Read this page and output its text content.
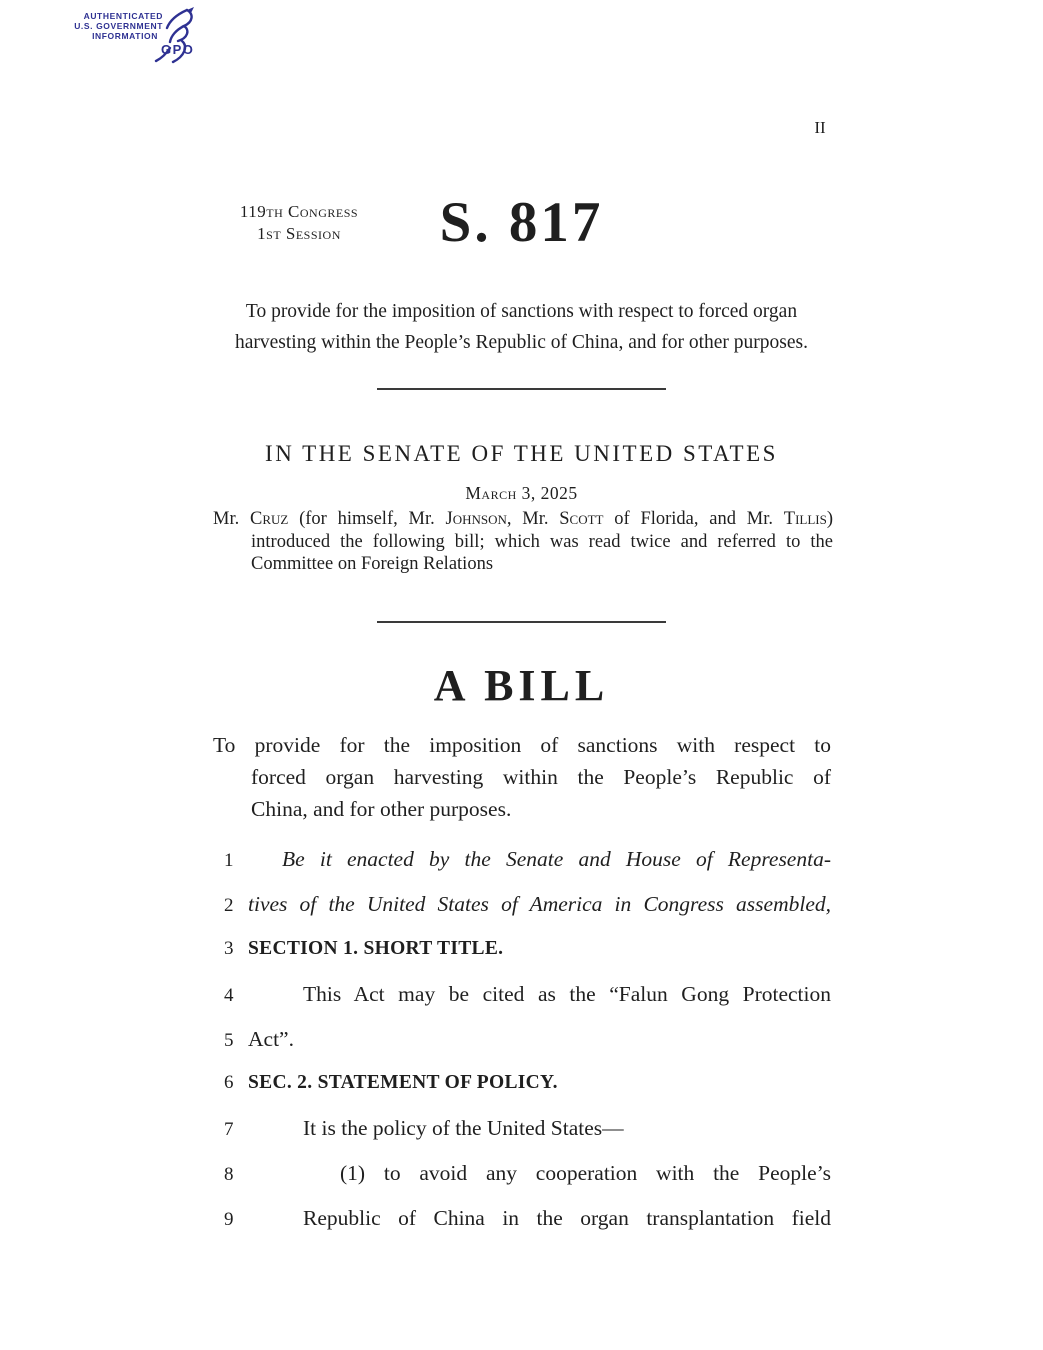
AUTHENTICATED
U.S. GOVERNMENT
INFORMATION
GPO
II
119th Congress
1st Session	S. 817
To provide for the imposition of sanctions with respect to forced organ
harvesting within the People’s Republic of China, and for other purposes.
IN THE SENATE OF THE UNITED STATES
March 3, 2025
Mr. Cruz (for himself, Mr. Johnson, Mr. Scott of Florida, and Mr. Tillis)
introduced the following bill; which was read twice and referred to the
Committee on Foreign Relations
A BILL
To provide for the imposition of sanctions with respect to
forced organ harvesting within the People’s Republic of
China, and for other purposes.
1	Be it enacted by the Senate and House of Representa-
2 tives of the United States of America in Congress assembled,
3 SECTION 1. SHORT TITLE.
4	This Act may be cited as the “Falun Gong Protection
5 Act”.
6 SEC. 2. STATEMENT OF POLICY.
7	It is the policy of the United States—
8	(1) to avoid any cooperation with the People’s
9	Republic of China in the organ transplantation field
